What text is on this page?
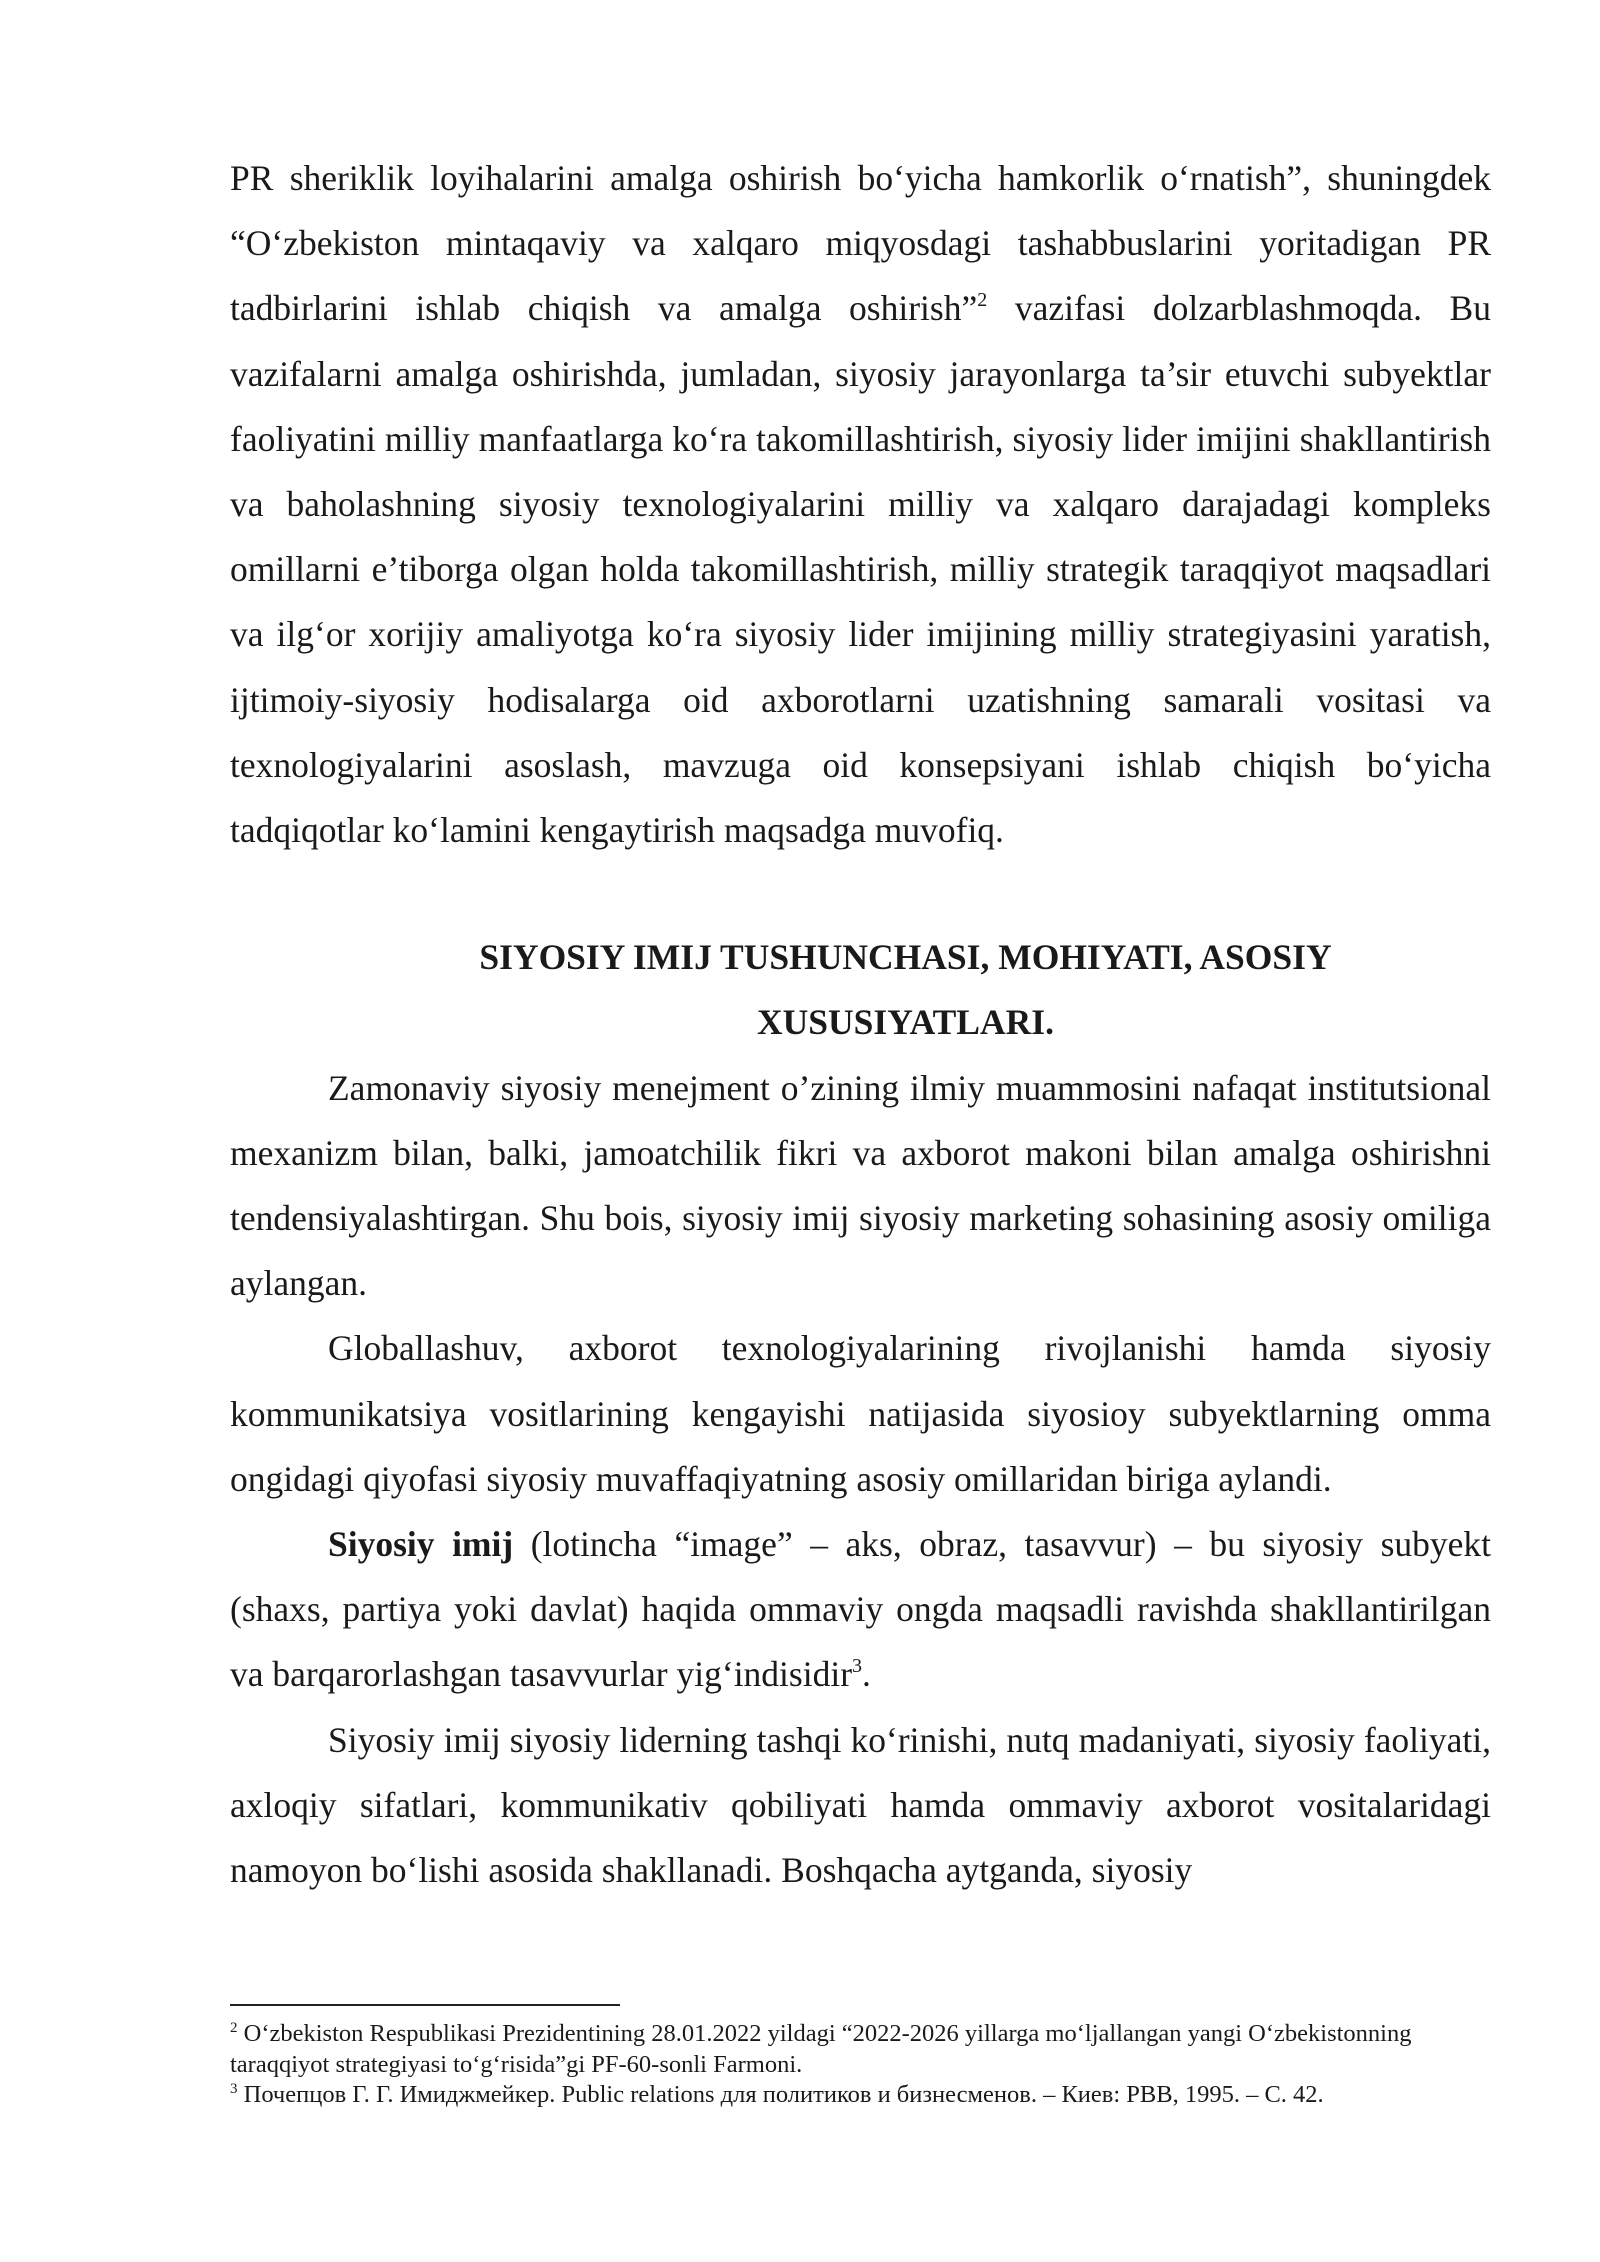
PR sheriklik loyihalarini amalga oshirish bo‘yicha hamkorlik o‘rnatish”, shuningdek “O‘zbekiston mintaqaviy va xalqaro miqyosdagi tashabbuslarini yoritadigan PR tadbirlarini ishlab chiqish va amalga oshirish”$^2$ vazifasi dolzarblashmoqda. Bu vazifalarni amalga oshirishda, jumladan, siyosiy jarayonlarga ta’sir etuvchi subyektlar faoliyatini milliy manfaatlarga ko‘ra takomillashtirish, siyosiy lider imijini shakllantirish va baholashning siyosiy texnologiyalarini milliy va xalqaro darajadagi kompleks omillarni e’tiborga olgan holda takomillashtirish, milliy strategik taraqqiyot maqsadlari va ilg‘or xorijiy amaliyotga ko‘ra siyosiy lider imijining milliy strategiyasini yaratish, ijtimoiy-siyosiy hodisalarga oid axborotlarni uzatishning samarali vositasi va texnologiyalarini asoslash, mavzuga oid konsepsiyani ishlab chiqish bo‘yicha tadqiqotlar ko‘lamini kengaytirish maqsadga muvofiq.

SIYOSIY IMIJ TUSHUNCHASI, MOHIYATI, ASOSIY
XUSUSIYATLARI.

Zamonaviy siyosiy menejment o’zining ilmiy muammosini nafaqat institutsional mexanizm bilan, balki, jamoatchilik fikri va axborot makoni bilan amalga oshirishni tendensiyalashtirgan. Shu bois, siyosiy imij siyosiy marketing sohasining asosiy omiliga aylangan.

Globallashuv, axborot texnologiyalarining rivojlanishi hamda siyosiy kommunikatsiya vositlarining kengayishi natijasida siyosioy subyektlarning omma ongidagi qiyofasi siyosiy muvaffaqiyatning asosiy omillaridan biriga aylandi.

Siyosiy imij (lotincha “image” – aks, obraz, tasavvur) – bu siyosiy subyekt (shaxs, partiya yoki davlat) haqida ommaviy ongda maqsadli ravishda shakllantirilgan va barqarorlashgan tasavvurlar yig‘indisidir$^3$.

Siyosiy imij siyosiy liderning tashqi ko‘rinishi, nutq madaniyati, siyosiy faoliyati, axloqiy sifatlari, kommunikativ qobiliyati hamda ommaviy axborot vositalaridagi namoyon bo‘lishi asosida shakllanadi. Boshqacha aytganda, siyosiy

$^2$ O‘zbekiston Respublikasi Prezidentining 28.01.2022 yildagi “2022-2026 yillarga mo‘ljallangan yangi O‘zbekistonning taraqqiyot strategiyasi to‘g‘risida”gi PF-60-sonli Farmoni.

$^3$ Почепцов Г. Г. Имиджмейкер. Public relations для политиков и бизнесменов. – Киев: РВВ, 1995. – С. 42.
